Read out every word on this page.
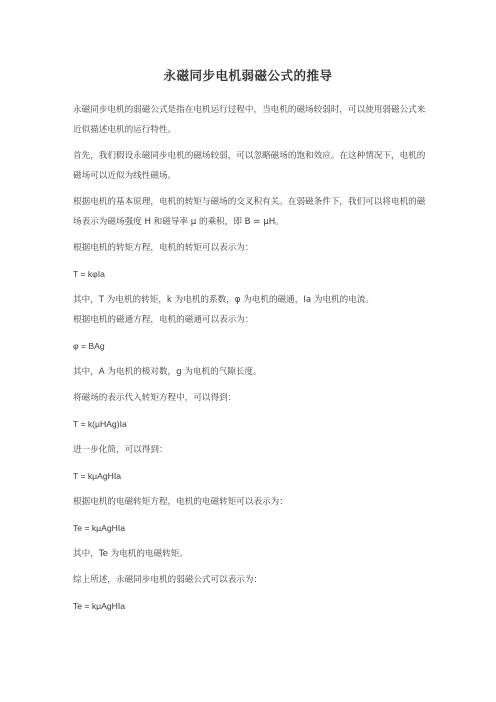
永磁同步电机弱磁公式的推导

永磁同步电机的弱磁公式是指在电机运行过程中，当电机的磁场较弱时，可以使用弱磁公式来近似描述电机的运行特性。

首先，我们假设永磁同步电机的磁场较弱，可以忽略磁场的饱和效应。在这种情况下，电机的磁场可以近似为线性磁场。

根据电机的基本原理，电机的转矩与磁场的交叉积有关。在弱磁条件下，我们可以将电机的磁场表示为磁场强度 H 和磁导率 μ 的乘积，即 B = μH。

根据电机的转矩方程，电机的转矩可以表示为：

T = kφIa

其中，T 为电机的转矩，k 为电机的系数，φ 为电机的磁通，Ia 为电机的电流。

根据电机的磁通方程，电机的磁通可以表示为：

φ = BAg

其中，A 为电机的极对数，g 为电机的气隙长度。

将磁场的表示代入转矩方程中，可以得到：

T = k(μHAg)Ia

进一步化简，可以得到：

T = kμAgHIa

根据电机的电磁转矩方程，电机的电磁转矩可以表示为：

Te = kμAgHIa

其中，Te 为电机的电磁转矩。

综上所述，永磁同步电机的弱磁公式可以表示为：

Te = kμAgHIa
